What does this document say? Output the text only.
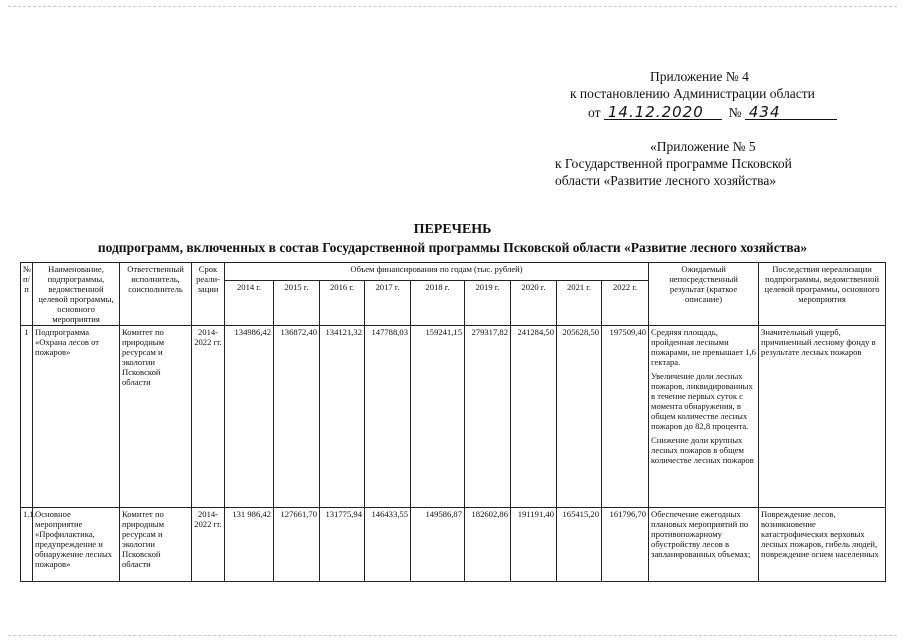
Приложение № 4
к постановлению Администрации области
от 14.12.2020 № 434
«Приложение № 5
к Государственной программе Псковской
области «Развитие лесного хозяйства»
ПЕРЕЧЕНЬ
подпрограмм, включенных в состав Государственной программы Псковской области «Развитие лесного хозяйства»
№ п/п	Наименование, подпрограммы, ведомственной целевой программы, основного мероприятия	Ответственный исполнитель, соисполнитель	Срок реали-зации	Объем финансирования по годам (тыс. рублей)									Ожидаемый непосредственный результат (краткое описание)	Последствия нереализации подпрограммы, ведомственной целевой программы, основного мероприятия
				2014 г.	2015 г.	2016 г.	2017 г.	2018 г.	2019 г.	2020 г.	2021 г.	2022 г.		
1	Подпрограмма «Охрана лесов от пожаров»	Комитет по природным ресурсам и экологии Псковской области	2014-2022 гг.	134986,42	136872,40	134121,32	147788,03	159241,15	279317,82	241284,50	205628,50	197509,40	Средняя площадь, пройденная лесными пожарами, не превышает 1,6 гектара.
Увеличение доли лесных пожаров, ликвидированных в течение первых суток с момента обнаружения, в общем количестве лесных пожаров до 82,8 процента.
Снижение доли крупных лесных пожаров в общем количестве лесных пожаров	Значительный ущерб, причиненный лесному фонду в результате лесных пожаров
1.1.	Основное мероприятие «Профилактика, предупреждение и обнаружение лесных пожаров»	Комитет по природным ресурсам и экологии Псковской области	2014-2022 гг.	131 986,42	127661,70	131775,94	146433,55	149586,87	182602,86	191191,40	165415,20	161796,70	Обеспечение ежегодных плановых мероприятий по противопожарному обустройству лесов в запланированных объемах;	Повреждение лесов, возникновение катастрофических верховых лесных пожаров, гибель людей, повреждение огнем населенных
